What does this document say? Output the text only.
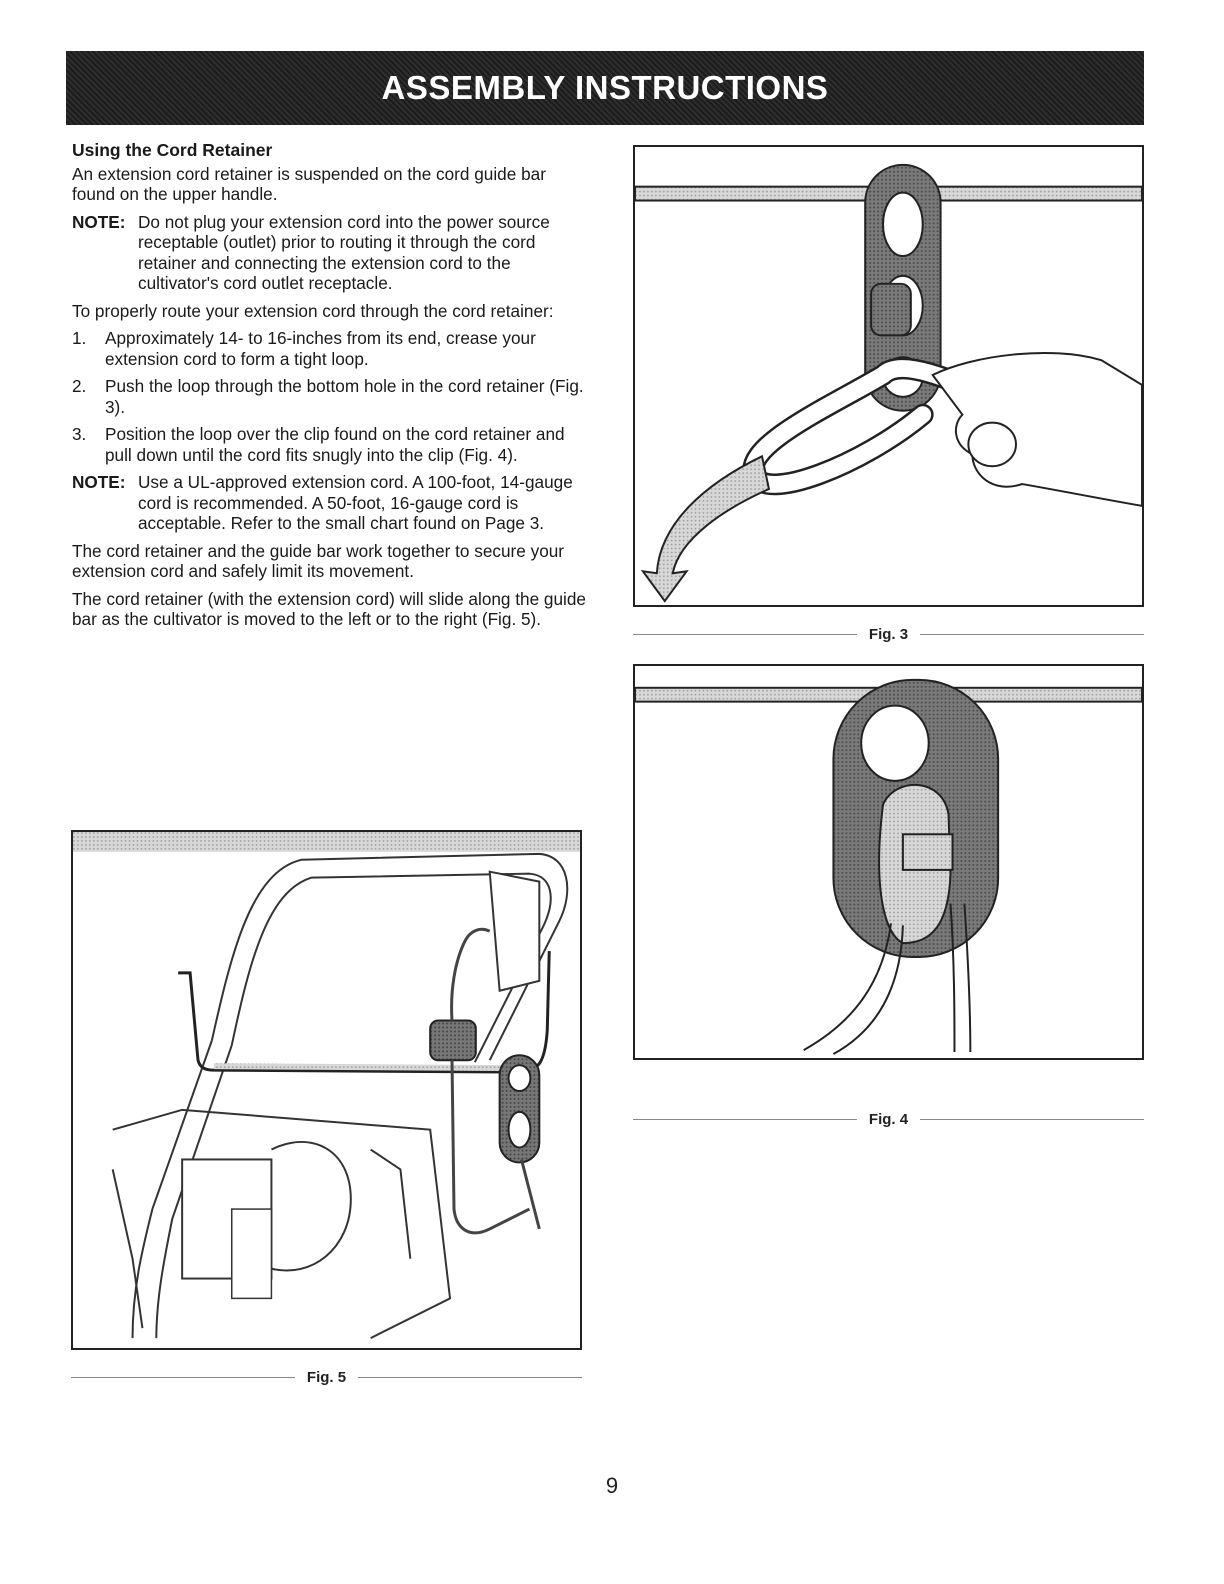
ASSEMBLY INSTRUCTIONS
Using the Cord Retainer

An extension cord retainer is suspended on the cord guide bar found on the upper handle.

NOTE: Do not plug your extension cord into the power source receptable (outlet) prior to routing it through the cord retainer and connecting the extension cord to the cultivator's cord outlet receptacle.

To properly route your extension cord through the cord retainer:

1.	Approximately 14- to 16-inches from its end, crease your extension cord to form a tight loop.
2.	Push the loop through the bottom hole in the cord retainer (Fig. 3).
3.	Position the loop over the clip found on the cord retainer and pull down until the cord fits snugly into the clip (Fig. 4).
NOTE: Use a UL-approved extension cord. A 100-foot, 14-gauge cord is recommended. A 50-foot, 16-gauge cord is acceptable. Refer to the small chart found on Page 3.

The cord retainer and the guide bar work together to secure your extension cord and safely limit its movement.

The cord retainer (with the extension cord) will slide along the guide bar as the cultivator is moved to the left or to the right (Fig. 5).

Fig. 3
Fig. 4
Fig. 5
9
